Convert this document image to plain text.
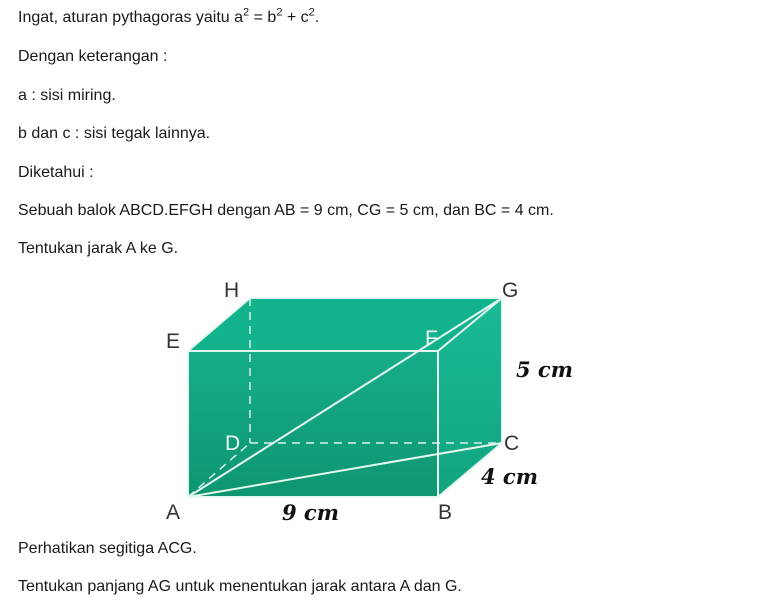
Ingat, aturan pythagoras yaitu $a^2 = b^2 + c^2$.
Dengan keterangan :
a : sisi miring.
b dan c : sisi tegak lainnya.
Diketahui :
Sebuah balok ABCD.EFGH dengan AB = 9 cm, CG = 5 cm, dan BC = 4 cm.
Tentukan jarak A ke G.
H	G
E	F
D	C
A	B
5 cm
4 cm
9 cm
Perhatikan segitiga ACG.
Tentukan panjang AG untuk menentukan jarak antara A dan G.
